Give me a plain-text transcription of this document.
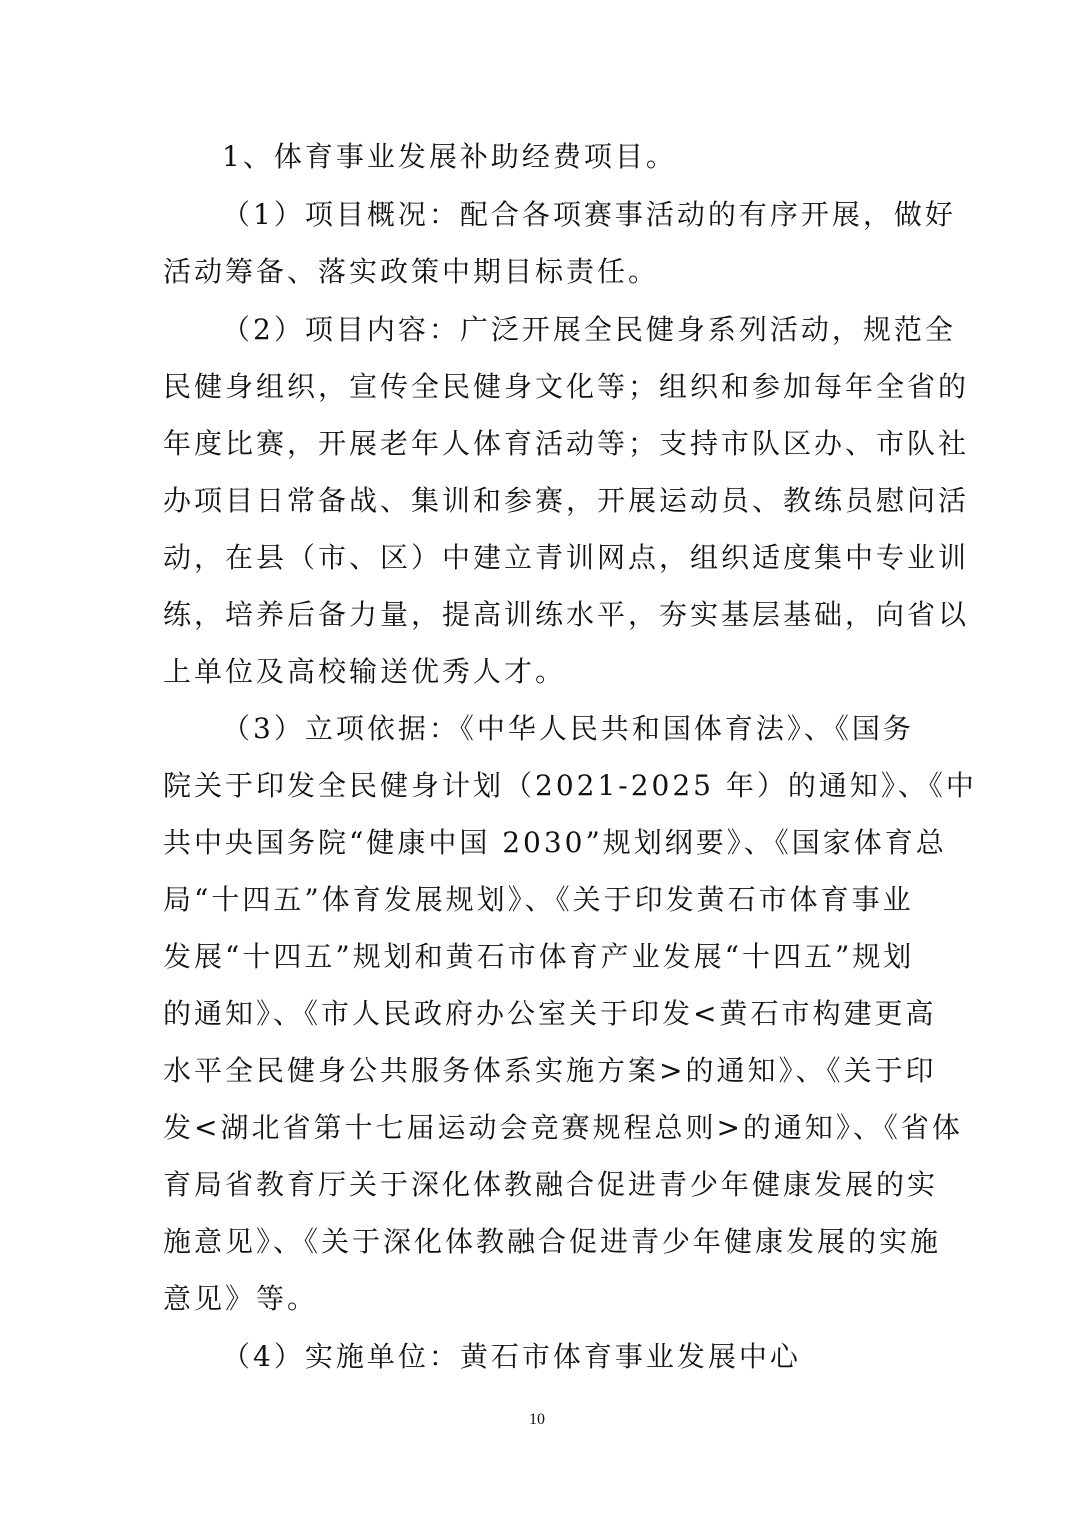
1、体育事业发展补助经费项目。
（1）项目概况：配合各项赛事活动的有序开展，做好
活动筹备、落实政策中期目标责任。
（2）项目内容：广泛开展全民健身系列活动，规范全
民健身组织，宣传全民健身文化等；组织和参加每年全省的
年度比赛，开展老年人体育活动等；支持市队区办、市队社
办项目日常备战、集训和参赛，开展运动员、教练员慰问活
动，在县（市、区）中建立青训网点，组织适度集中专业训
练，培养后备力量，提高训练水平，夯实基层基础，向省以
上单位及高校输送优秀人才。
（3）立项依据：《中华人民共和国体育法》、《国务
院关于印发全民健身计划（2021-2025 年）的通知》、《中
共中央国务院“健康中国 2030”规划纲要》、《国家体育总
局“十四五”体育发展规划》、《关于印发黄石市体育事业
发展“十四五”规划和黄石市体育产业发展“十四五”规划
的通知》、《市人民政府办公室关于印发<黄石市构建更高
水平全民健身公共服务体系实施方案>的通知》、《关于印
发<湖北省第十七届运动会竞赛规程总则>的通知》、《省体
育局省教育厅关于深化体教融合促进青少年健康发展的实
施意见》、《关于深化体教融合促进青少年健康发展的实施
意见》等。
（4）实施单位：黄石市体育事业发展中心
10
